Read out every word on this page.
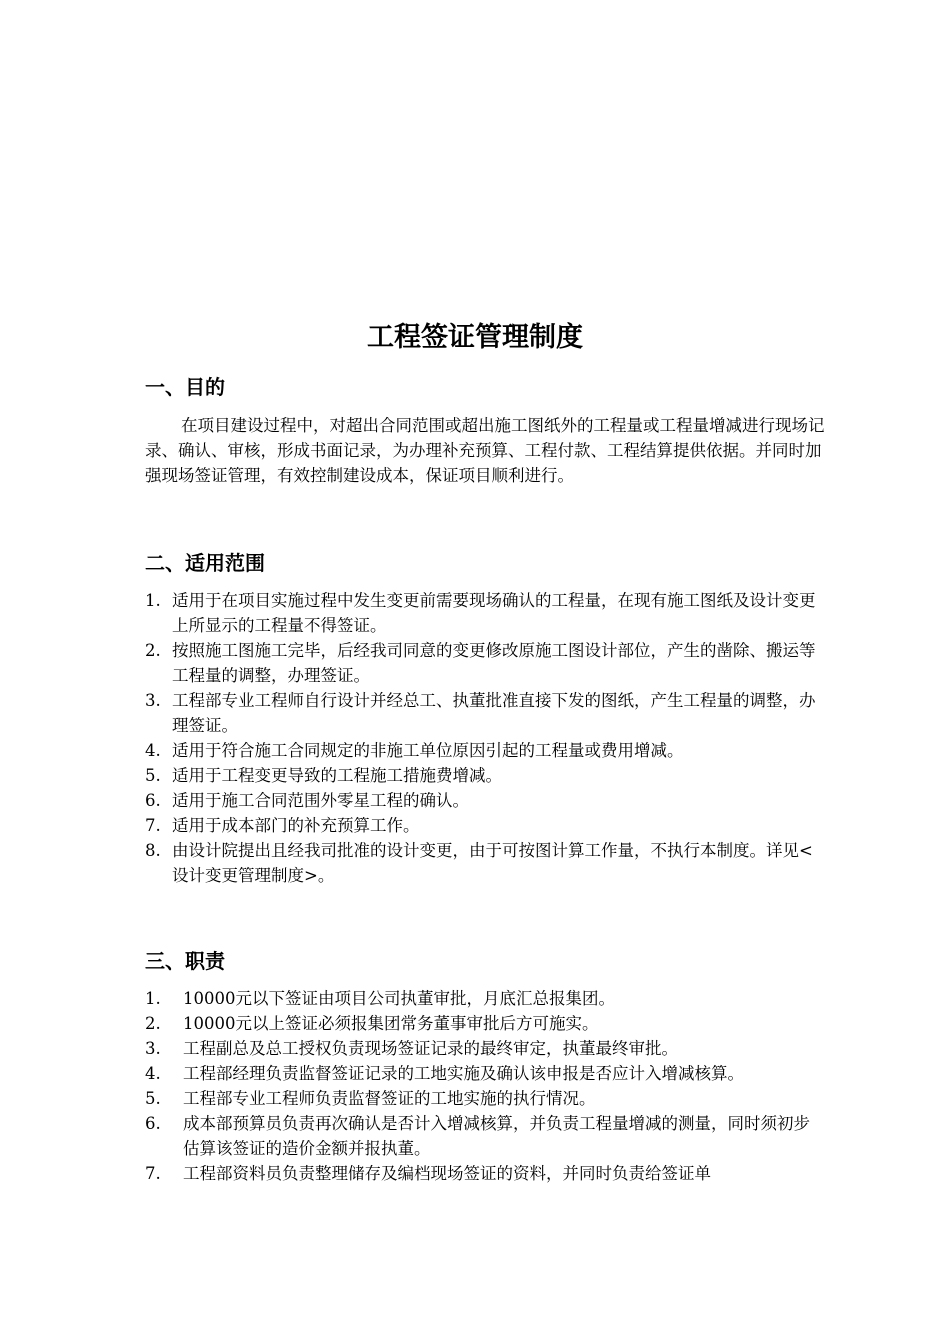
工程签证管理制度
一、目的

在项目建设过程中，对超出合同范围或超出施工图纸外的工程量或工程量增减进行现场记录、确认、审核，形成书面记录，为办理补充预算、工程付款、工程结算提供依据。并同时加强现场签证管理，有效控制建设成本，保证项目顺利进行。

二、适用范围
1. 适用于在项目实施过程中发生变更前需要现场确认的工程量，在现有施工图纸及设计变更上所显示的工程量不得签证。
2. 按照施工图施工完毕，后经我司同意的变更修改原施工图设计部位，产生的凿除、搬运等工程量的调整，办理签证。
3. 工程部专业工程师自行设计并经总工、执董批准直接下发的图纸，产生工程量的调整，办理签证。
4. 适用于符合施工合同规定的非施工单位原因引起的工程量或费用增减。
5. 适用于工程变更导致的工程施工措施费增减。
6. 适用于施工合同范围外零星工程的确认。
7. 适用于成本部门的补充预算工作。
8. 由设计院提出且经我司批准的设计变更，由于可按图计算工作量，不执行本制度。详见<设计变更管理制度>。
三、职责
1. 10000元以下签证由项目公司执董审批，月底汇总报集团。
2. 10000元以上签证必须报集团常务董事审批后方可施实。
3. 工程副总及总工授权负责现场签证记录的最终审定，执董最终审批。
4. 工程部经理负责监督签证记录的工地实施及确认该申报是否应计入增减核算。
5. 工程部专业工程师负责监督签证的工地实施的执行情况。
6. 成本部预算员负责再次确认是否计入增减核算，并负责工程量增减的测量，同时须初步估算该签证的造价金额并报执董。
7. 工程部资料员负责整理储存及编档现场签证的资料，并同时负责给签证单
